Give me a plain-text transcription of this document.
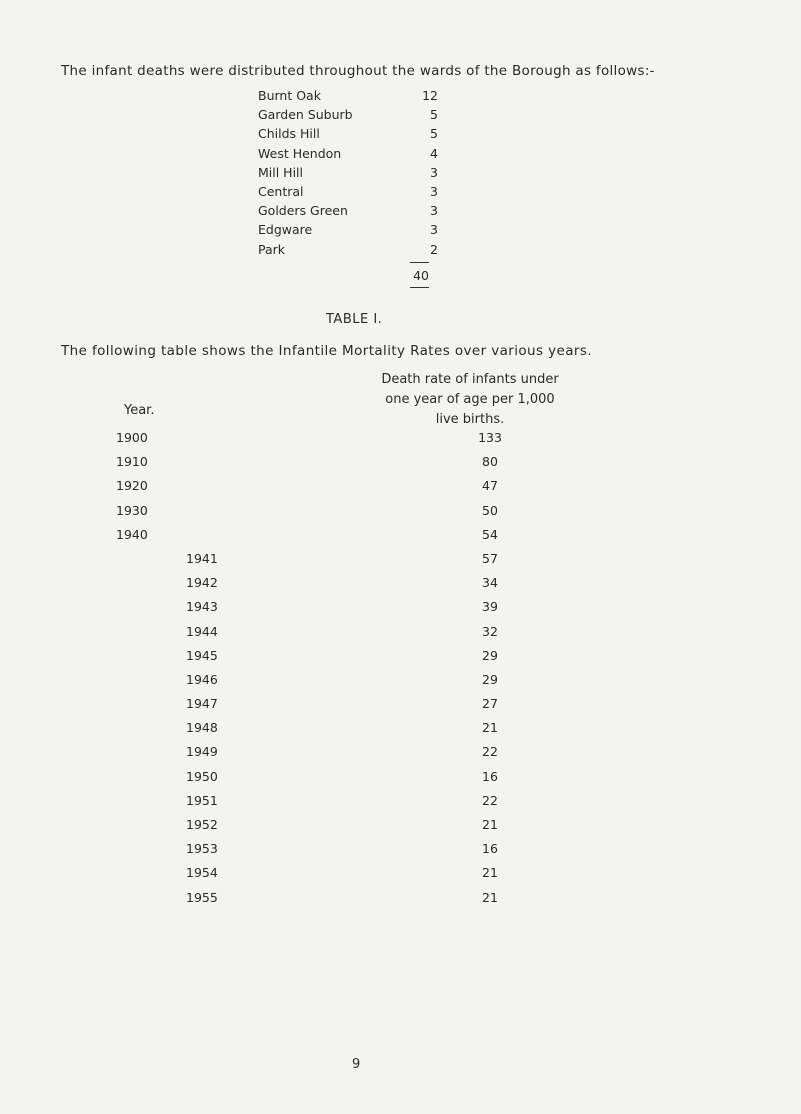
The infant deaths were distributed throughout the wards of the Borough as follows:-
Burnt Oak	12
Garden Suburb	5
Childs Hill	5
West Hendon	4
Mill Hill	3
Central	3
Golders Green	3
Edgware	3
Park	2
40
TABLE I.
The following table shows the Infantile Mortality Rates over various years.
Year.
Death rate of infants under
one year of age per 1,000
live births.
1900	133
1910	80
1920	47
1930	50
1940	54
1941	57
1942	34
1943	39
1944	32
1945	29
1946	29
1947	27
1948	21
1949	22
1950	16
1951	22
1952	21
1953	16
1954	21
1955	21
9
